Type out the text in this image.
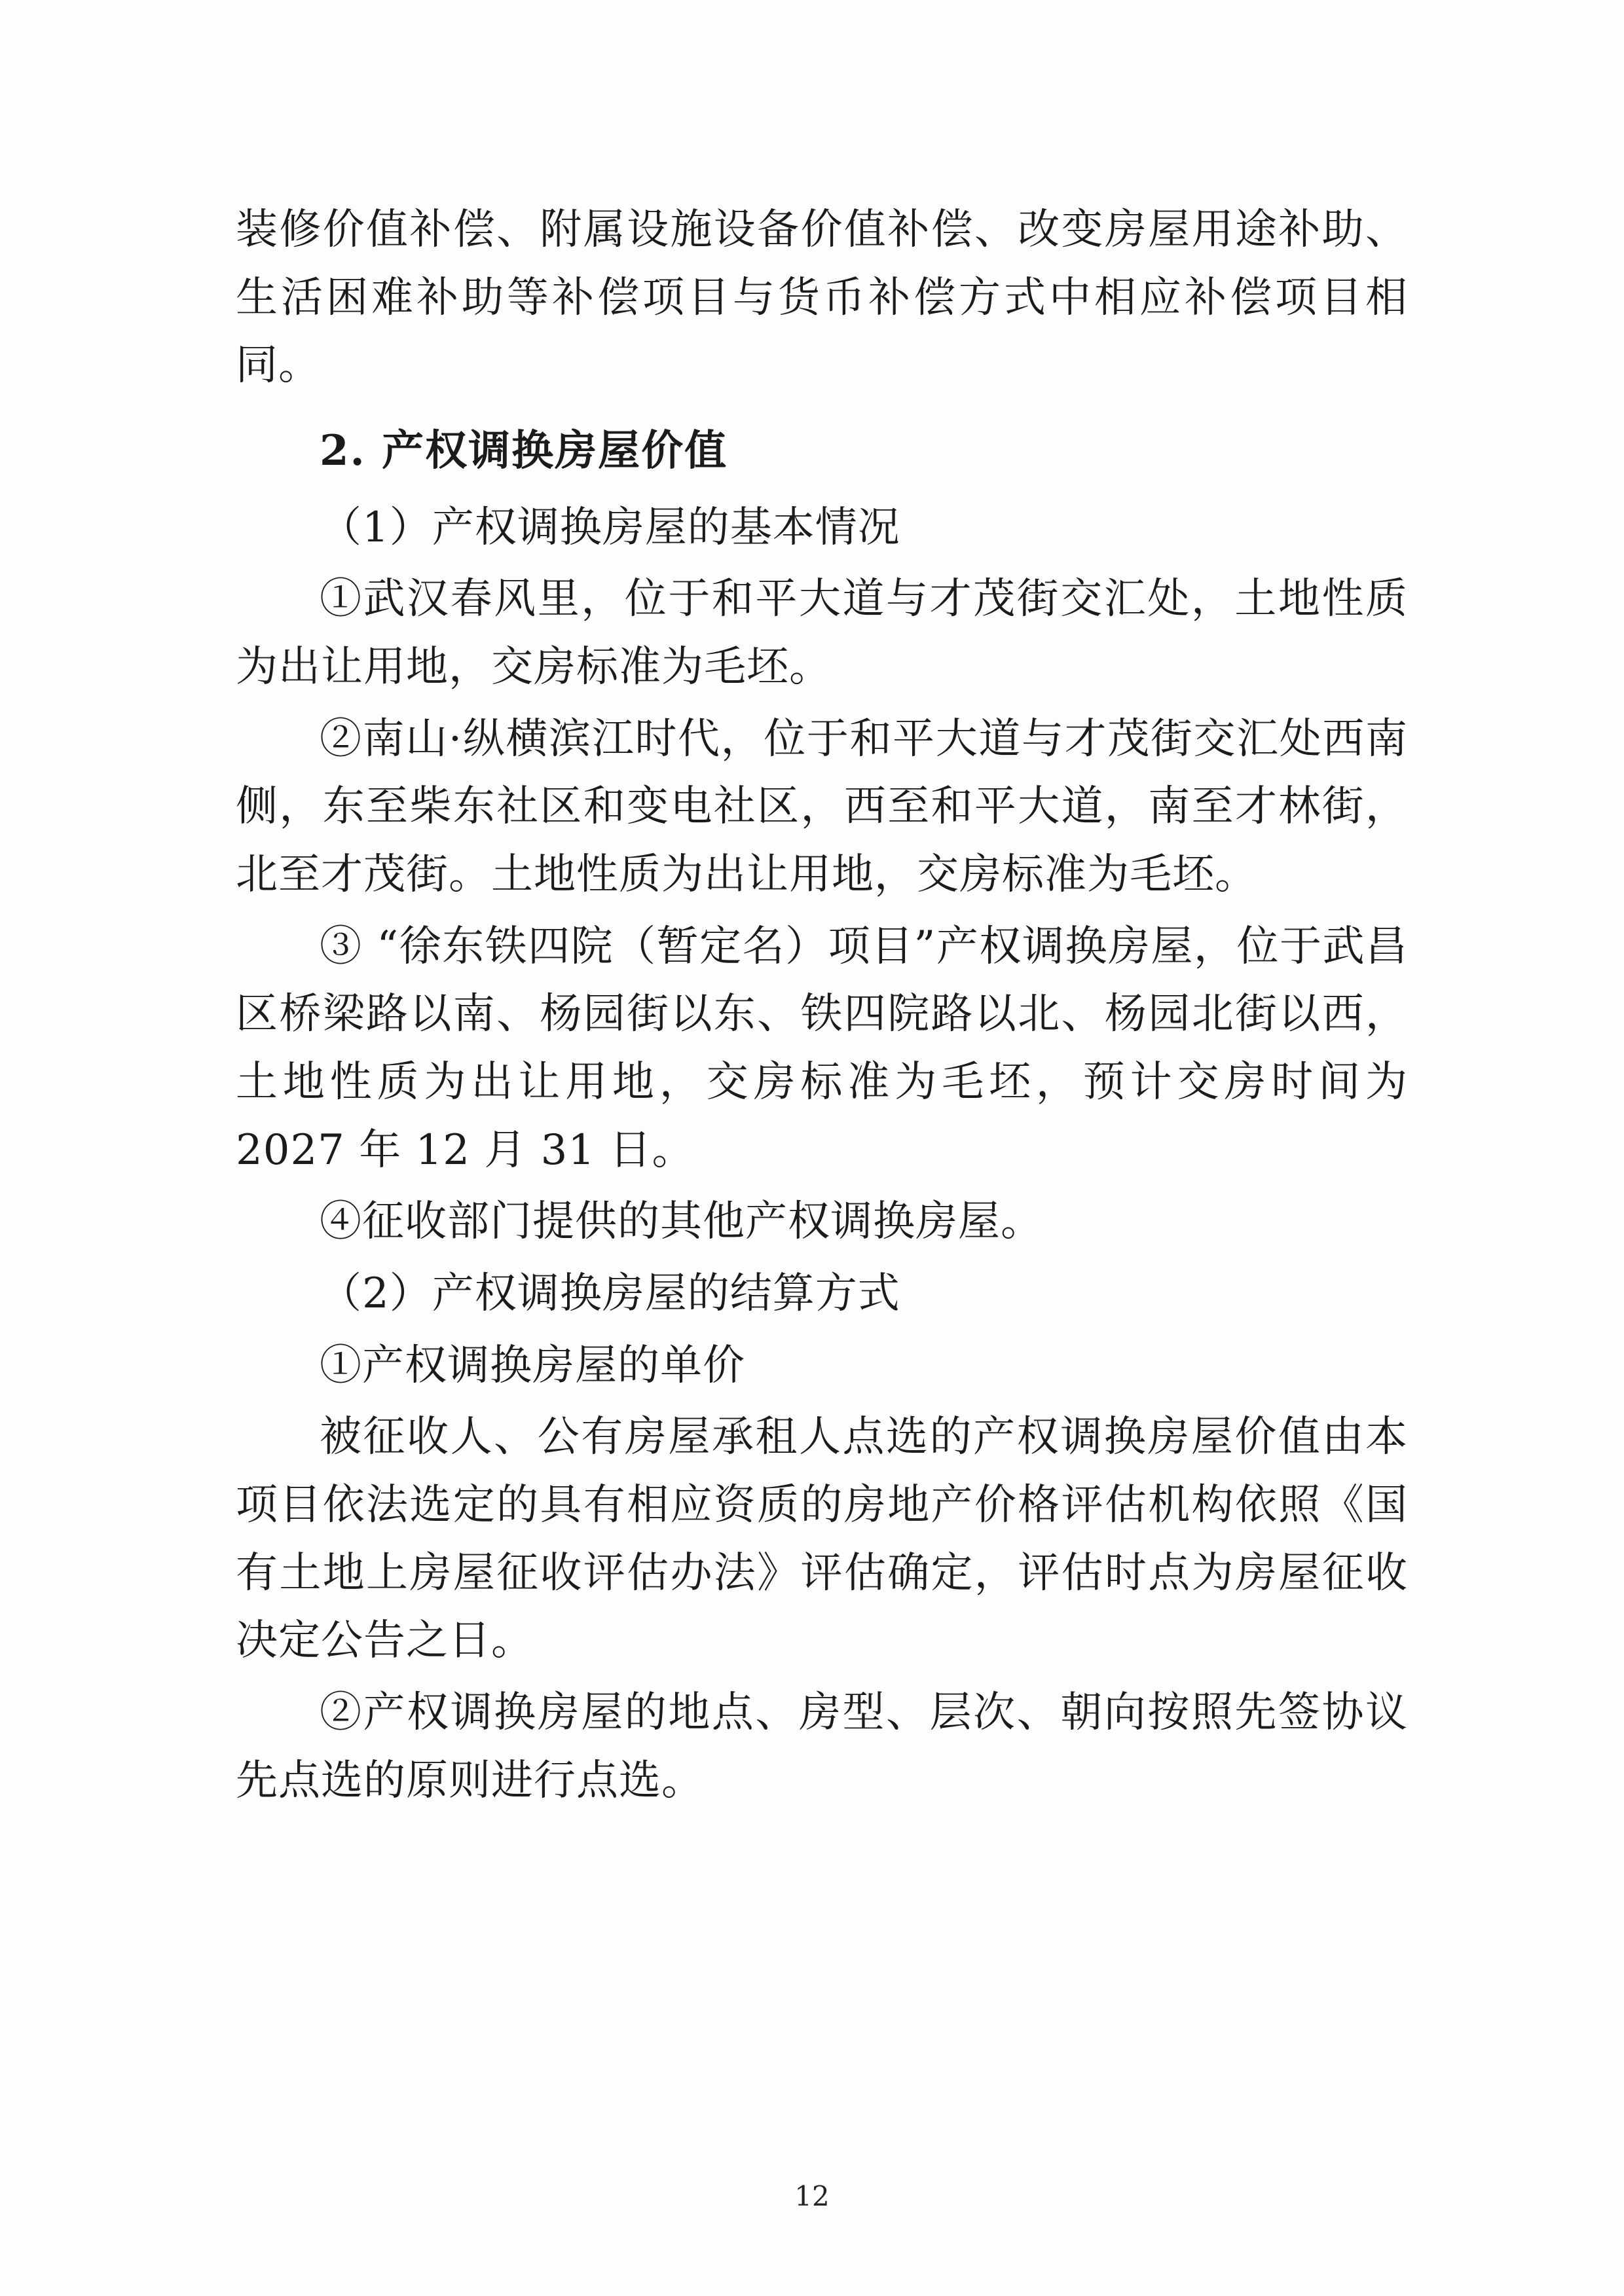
装修价值补偿、附属设施设备价值补偿、改变房屋用途补助、生活困难补助等补偿项目与货币补偿方式中相应补偿项目相同。

2. 产权调换房屋价值

（1）产权调换房屋的基本情况

①武汉春风里，位于和平大道与才茂街交汇处，土地性质为出让用地，交房标准为毛坯。

②南山·纵横滨江时代，位于和平大道与才茂街交汇处西南侧，东至柴东社区和变电社区，西至和平大道，南至才林街，北至才茂街。土地性质为出让用地，交房标准为毛坯。

③ “徐东铁四院（暂定名）项目”产权调换房屋，位于武昌区桥梁路以南、杨园街以东、铁四院路以北、杨园北街以西，土地性质为出让用地，交房标准为毛坯，预计交房时间为 2027 年 12 月 31 日。

④征收部门提供的其他产权调换房屋。

（2）产权调换房屋的结算方式

①产权调换房屋的单价

被征收人、公有房屋承租人点选的产权调换房屋价值由本项目依法选定的具有相应资质的房地产价格评估机构依照《国有土地上房屋征收评估办法》评估确定，评估时点为房屋征收决定公告之日。

②产权调换房屋的地点、房型、层次、朝向按照先签协议先点选的原则进行点选。

12
